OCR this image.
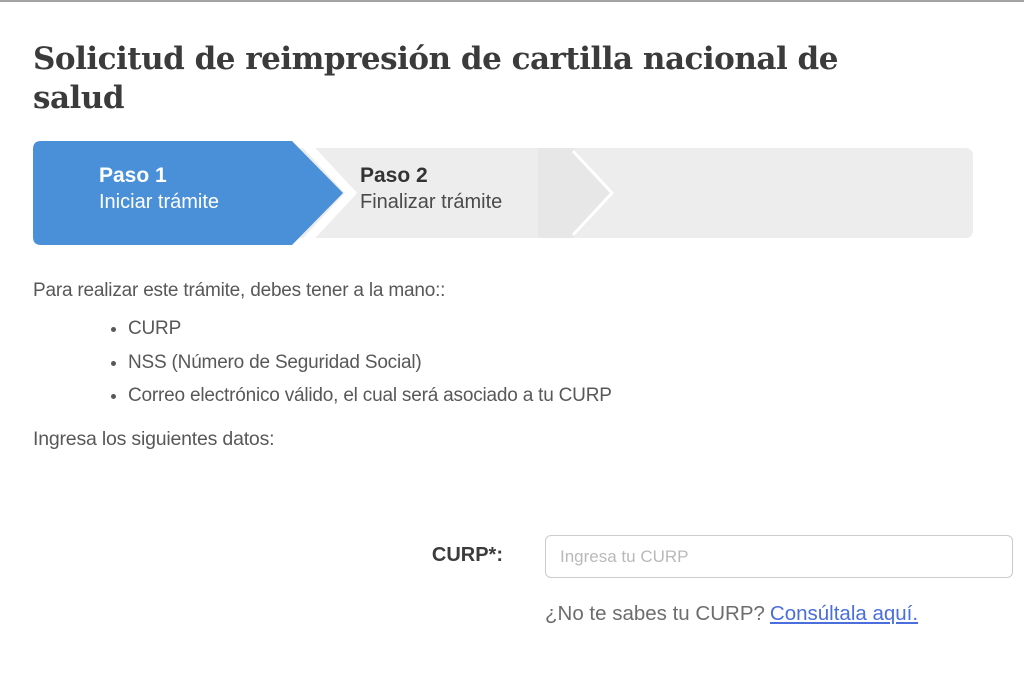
Solicitud de reimpresión de cartilla nacional de salud
Paso 1
Iniciar trámite
Paso 2
Finalizar trámite

Para realizar este trámite, debes tener a la mano::

• CURP
• NSS (Número de Seguridad Social)
• Correo electrónico válido, el cual será asociado a tu CURP

Ingresa los siguientes datos:

CURP*:
Ingresa tu CURP

¿No te sabes tu CURP? Consúltala aquí.
